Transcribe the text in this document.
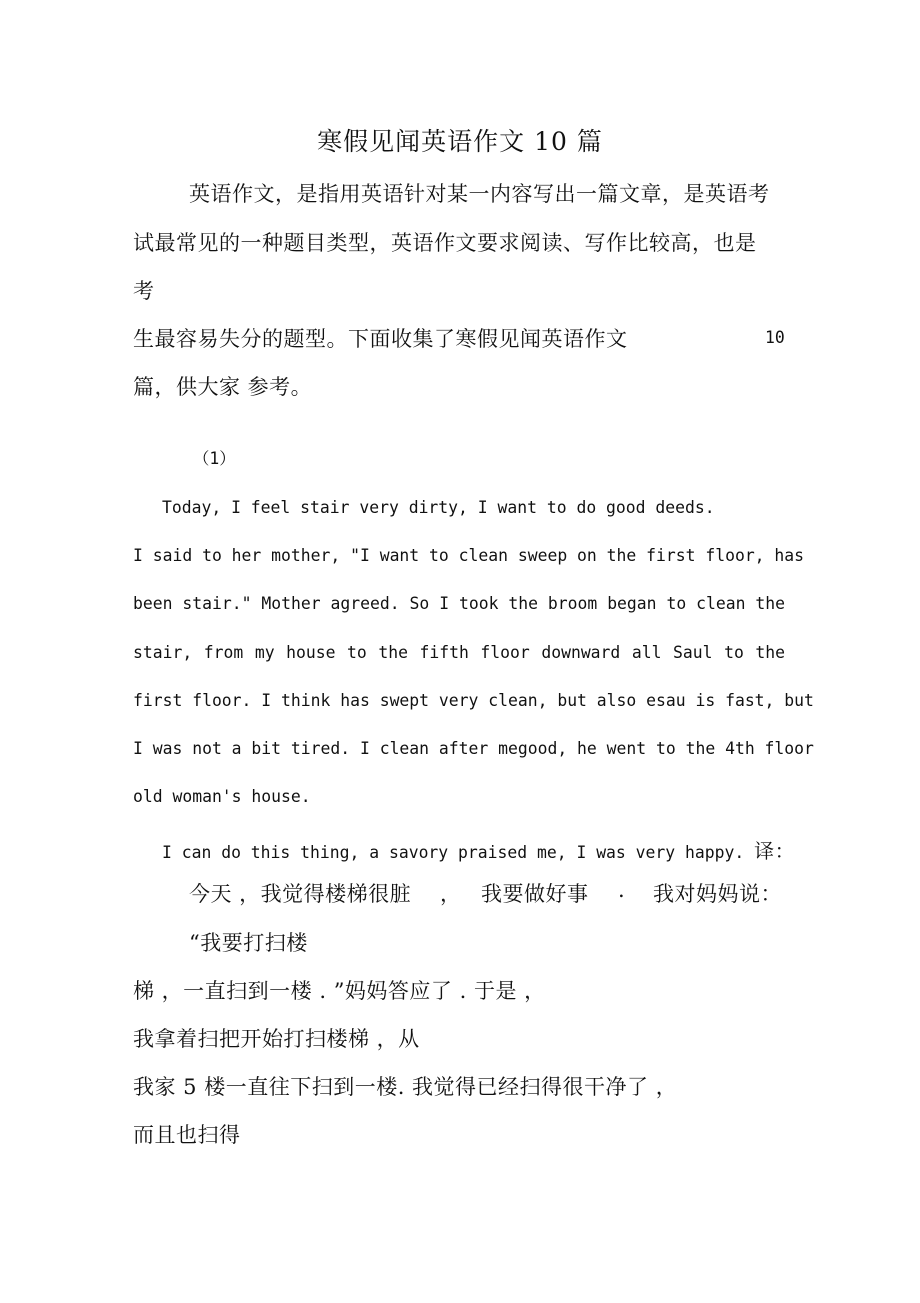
寒假见闻英语作文 10 篇

英语作文，是指用英语针对某一内容写出一篇文章，是英语考

试最常见的一种题目类型，英语作文要求阅读、写作比较高，也是

考

生最容易失分的题型。下面收集了寒假见闻英语作文	10

篇，供大家 参考。

（1）

Today, I feel stair very dirty, I want to do good deeds.

I said to her mother, "I want to clean sweep on the first floor, has

been stair." Mother agreed. So I took the broom began to clean the

stair, from my house to the fifth floor downward all Saul to the

first floor. I think has swept very clean, but also esau is fast, but

I was not a bit tired. I clean after megood, he went to the 4th floor

old woman's house.

I can do this thing, a savory praised me, I was very happy. 译：

今天 ，我觉得楼梯很脏 ， 我要做好事 . 我对妈妈说：

“我要打扫楼

梯 ，一直扫到一楼 . ”妈妈答应了 . 于是 ，

我拿着扫把开始打扫楼梯 ，从

我家 5 楼一直往下扫到一楼. 我觉得已经扫得很干净了 ，

而且也扫得
